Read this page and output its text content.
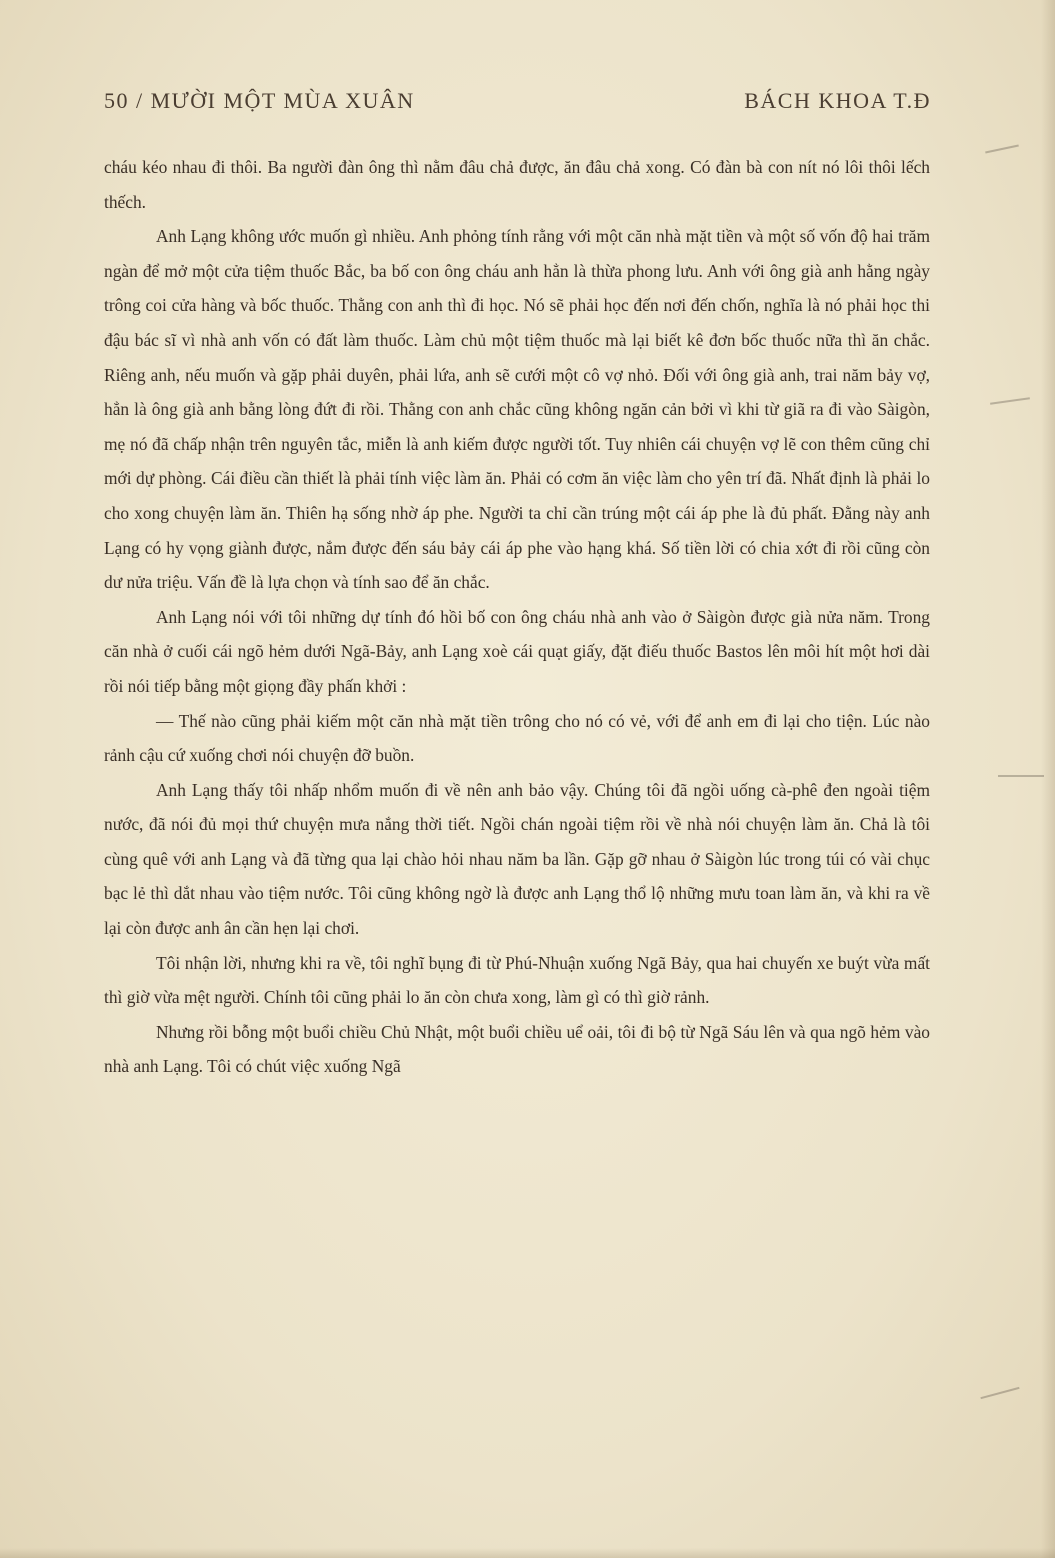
50 / MƯỜI MỘT MÙA XUÂN	BÁCH KHOA T.Đ

cháu kéo nhau đi thôi. Ba người đàn ông thì nằm đâu chả được, ăn đâu chả xong. Có đàn bà con nít nó lôi thôi lếch thếch.

Anh Lạng không ước muốn gì nhiều. Anh phỏng tính rằng với một căn nhà mặt tiền và một số vốn độ hai trăm ngàn để mở một cửa tiệm thuốc Bắc, ba bố con ông cháu anh hẳn là thừa phong lưu. Anh với ông già anh hằng ngày trông coi cửa hàng và bốc thuốc. Thằng con anh thì đi học. Nó sẽ phải học đến nơi đến chốn, nghĩa là nó phải học thi đậu bác sĩ vì nhà anh vốn có đất làm thuốc. Làm chủ một tiệm thuốc mà lại biết kê đơn bốc thuốc nữa thì ăn chắc. Riêng anh, nếu muốn và gặp phải duyên, phải lứa, anh sẽ cưới một cô vợ nhỏ. Đối với ông già anh, trai năm bảy vợ, hẳn là ông già anh bằng lòng đứt đi rồi. Thằng con anh chắc cũng không ngăn cản bởi vì khi từ giã ra đi vào Sàigòn, mẹ nó đã chấp nhận trên nguyên tắc, miễn là anh kiếm được người tốt. Tuy nhiên cái chuyện vợ lẽ con thêm cũng chỉ mới dự phòng. Cái điều cần thiết là phải tính việc làm ăn. Phải có cơm ăn việc làm cho yên trí đã. Nhất định là phải lo cho xong chuyện làm ăn. Thiên hạ sống nhờ áp phe. Người ta chỉ cần trúng một cái áp phe là đủ phất. Đằng này anh Lạng có hy vọng giành được, nắm được đến sáu bảy cái áp phe vào hạng khá. Số tiền lời có chia xớt đi rồi cũng còn dư nửa triệu. Vấn đề là lựa chọn và tính sao để ăn chắc.

Anh Lạng nói với tôi những dự tính đó hồi bố con ông cháu nhà anh vào ở Sàigòn được già nửa năm. Trong căn nhà ở cuối cái ngõ hẻm dưới Ngã-Bảy, anh Lạng xoè cái quạt giấy, đặt điếu thuốc Bastos lên môi hít một hơi dài rồi nói tiếp bằng một giọng đầy phấn khởi :

— Thế nào cũng phải kiếm một căn nhà mặt tiền trông cho nó có vẻ, với để anh em đi lại cho tiện. Lúc nào rảnh cậu cứ xuống chơi nói chuyện đỡ buồn.

Anh Lạng thấy tôi nhấp nhổm muốn đi về nên anh bảo vậy. Chúng tôi đã ngồi uống cà-phê đen ngoài tiệm nước, đã nói đủ mọi thứ chuyện mưa nắng thời tiết. Ngồi chán ngoài tiệm rồi về nhà nói chuyện làm ăn. Chả là tôi cùng quê với anh Lạng và đã từng qua lại chào hỏi nhau năm ba lần. Gặp gỡ nhau ở Sàigòn lúc trong túi có vài chục bạc lẻ thì dắt nhau vào tiệm nước. Tôi cũng không ngờ là được anh Lạng thổ lộ những mưu toan làm ăn, và khi ra về lại còn được anh ân cần hẹn lại chơi.

Tôi nhận lời, nhưng khi ra về, tôi nghĩ bụng đi từ Phú-Nhuận xuống Ngã Bảy, qua hai chuyến xe buýt vừa mất thì giờ vừa mệt người. Chính tôi cũng phải lo ăn còn chưa xong, làm gì có thì giờ rảnh.

Nhưng rồi bỗng một buổi chiều Chủ Nhật, một buổi chiều uể oải, tôi đi bộ từ Ngã Sáu lên và qua ngõ hẻm vào nhà anh Lạng. Tôi có chút việc xuống Ngã
